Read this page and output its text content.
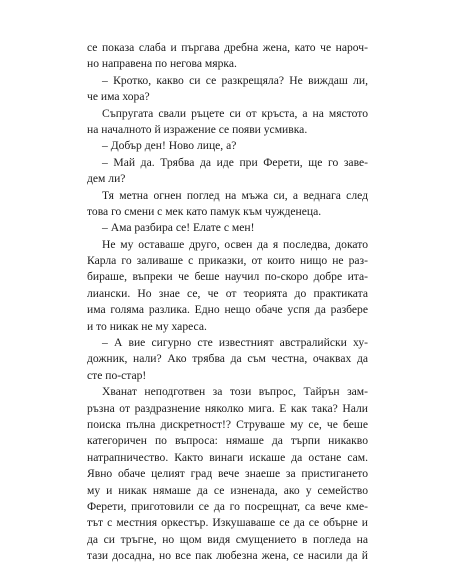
се показа слаба и пъргава дребна жена, като че нароч-
но направена по негова мярка.
– Кротко, какво си се разкрещяла? Не виждаш ли,
че има хора?
Съпругата свали ръцете си от кръста, а на мястото
на началното й изражение се появи усмивка.
– Добър ден! Ново лице, а?
– Май да. Трябва да иде при Ферети, ще го заве-
дем ли?
Тя метна огнен поглед на мъжа си, а веднага след
това го смени с мек като памук към чужденеца.
– Ама разбира се! Елате с мен!
Не му оставаше друго, освен да я последва, докато
Карла го заливаше с приказки, от които нищо не раз-
бираше, въпреки че беше научил по-скоро добре ита-
лиански. Но знае се, че от теорията до практиката
има голяма разлика. Едно нещо обаче успя да разбере
и то никак не му хареса.
– А вие сигурно сте известният австралийски ху-
дожник, нали? Ако трябва да съм честна, очаквах да
сте по-стар!
Хванат неподготвен за този въпрос, Тайрън зам-
ръзна от раздразнение няколко мига. Е как така? Нали
поиска пълна дискретност!? Струваше му се, че беше
категоричен по въпроса: нямаше да търпи никакво
натрапничество. Както винаги искаше да остане сам.
Явно обаче целият град вече знаеше за пристигането
му и никак нямаше да се изненада, ако у семейство
Ферети, приготовили се да го посрещнат, са вече кме-
тът с местния оркестър. Изкушаваше се да се обърне и
да си тръгне, но щом видя смущението в погледа на
тази досадна, но все пак любезна жена, се насили да й
